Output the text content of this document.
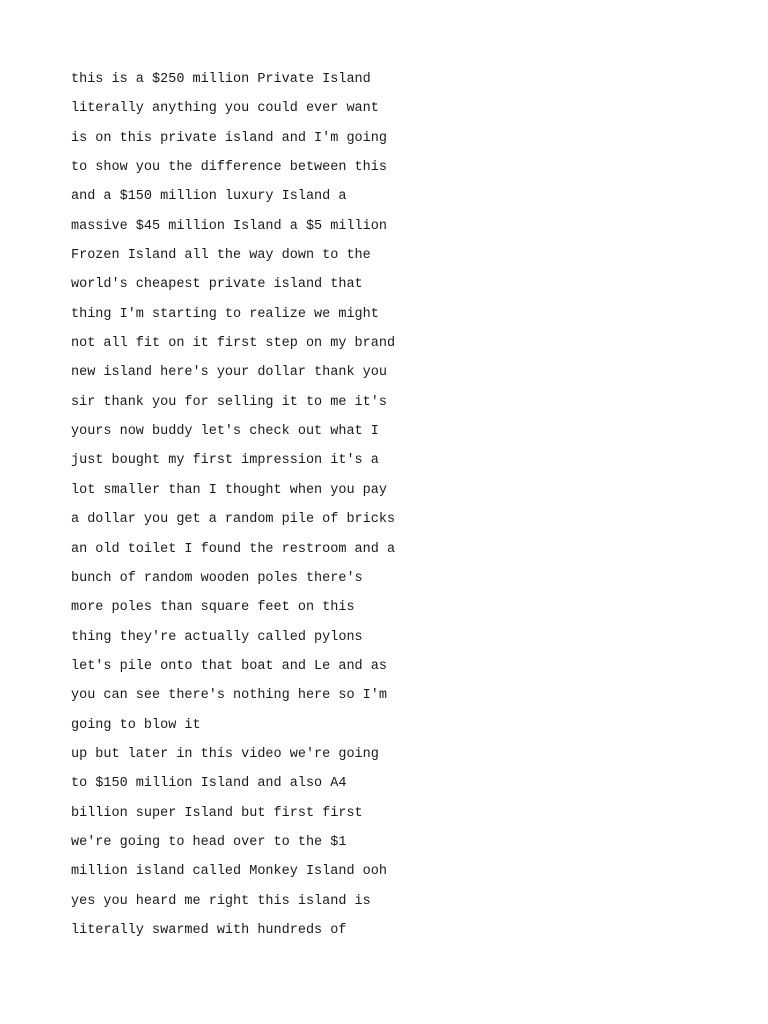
this is a $250 million Private Island
literally anything you could ever want
is on this private island and I'm going
to show you the difference between this
and a $150 million luxury Island a
massive $45 million Island a $5 million
Frozen Island all the way down to the
world's cheapest private island that
thing I'm starting to realize we might
not all fit on it first step on my brand
new island here's your dollar thank you
sir thank you for selling it to me it's
yours now buddy let's check out what I
just bought my first impression it's a
lot smaller than I thought when you pay
a dollar you get a random pile of bricks
an old toilet I found the restroom and a
bunch of random wooden poles there's
more poles than square feet on this
thing they're actually called pylons
let's pile onto that boat and Le and as
you can see there's nothing here so I'm
going to blow it
up but later in this video we're going
to $150 million Island and also A4
billion super Island but first first
we're going to head over to the $1
million island called Monkey Island ooh
yes you heard me right this island is
literally swarmed with hundreds of
